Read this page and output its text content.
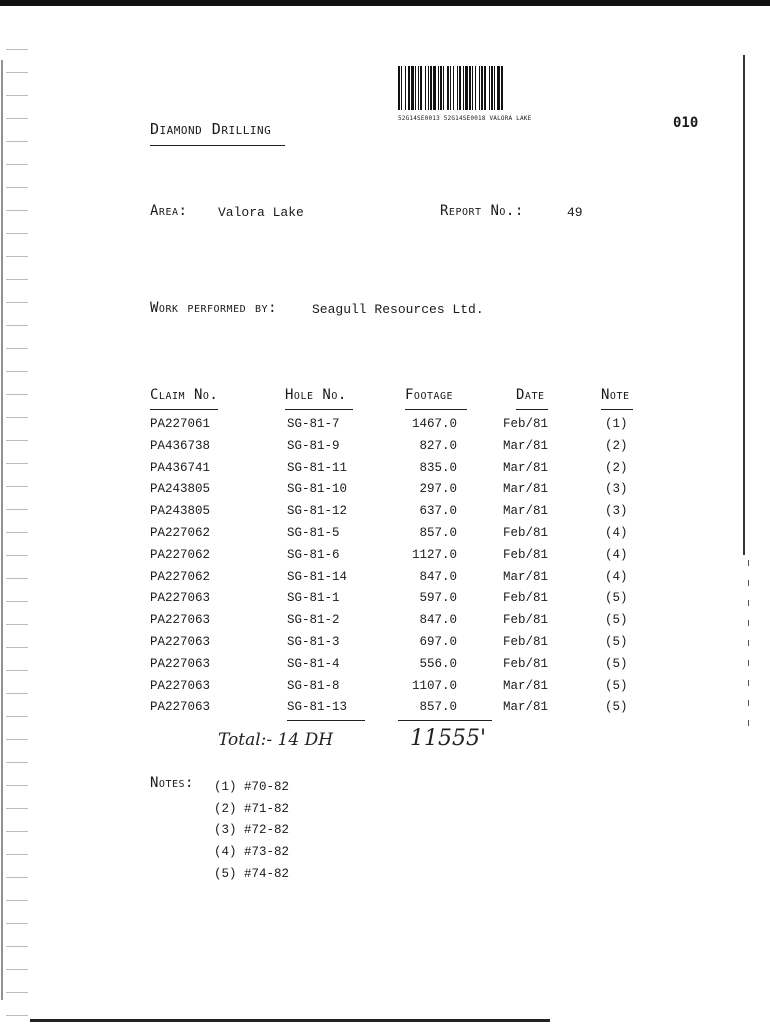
52G14SE0013 52G14SE0018 VALORA LAKE	010
Diamond Drilling
Area: Valora Lake	Report No.:	49
Work performed by:	Seagull Resources Ltd.
Claim No.	Hole No.	Footage	Date	Note
PA227061	SG-81-7	1467.0	Feb/81	(1)
PA436738	SG-81-9	827.0	Mar/81	(2)
PA436741	SG-81-11	835.0	Mar/81	(2)
PA243805	SG-81-10	297.0	Mar/81	(3)
PA243805	SG-81-12	637.0	Mar/81	(3)
PA227062	SG-81-5	857.0	Feb/81	(4)
PA227062	SG-81-6	1127.0	Feb/81	(4)
PA227062	SG-81-14	847.0	Mar/81	(4)
PA227063	SG-81-1	597.0	Feb/81	(5)
PA227063	SG-81-2	847.0	Feb/81	(5)
PA227063	SG-81-3	697.0	Feb/81	(5)
PA227063	SG-81-4	556.0	Feb/81	(5)
PA227063	SG-81-8	1107.0	Mar/81	(5)
PA227063	SG-81-13	857.0	Mar/81	(5)
Total:- 14 DH	11555'
Notes: (1) #70-82
(2) #71-82
(3) #72-82
(4) #73-82
(5) #74-82
